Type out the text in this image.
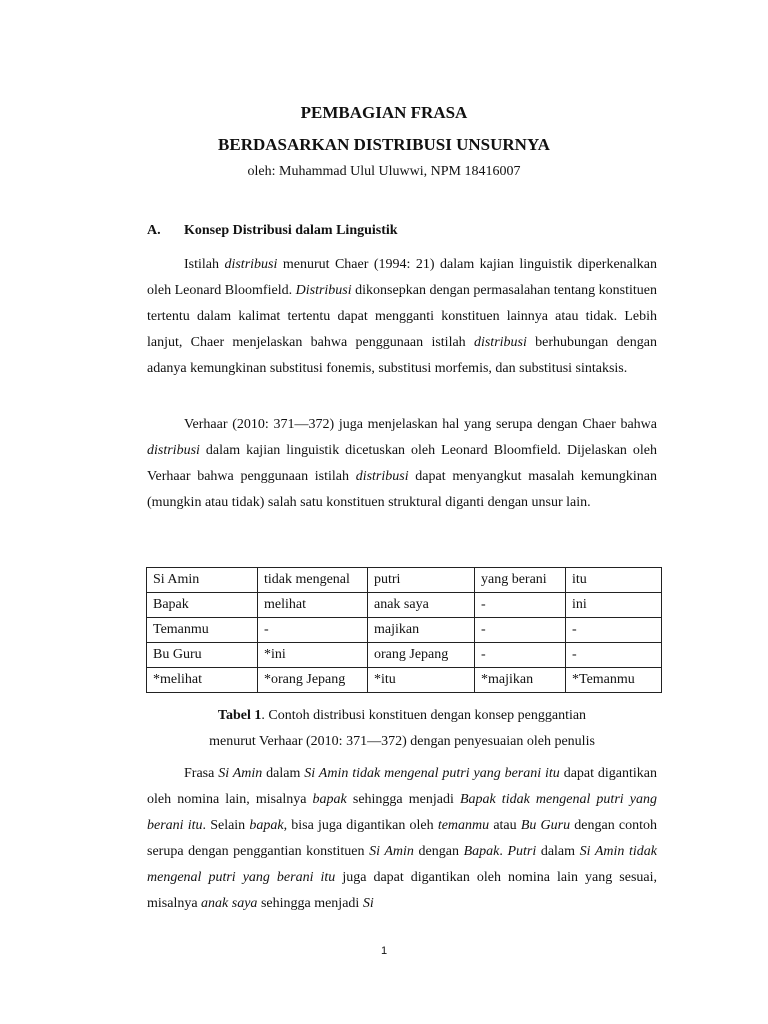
PEMBAGIAN FRASA
BERDASARKAN DISTRIBUSI UNSURNYA
oleh: Muhammad Ulul Uluwwi, NPM 18416007
A. Konsep Distribusi dalam Linguistik

Istilah distribusi menurut Chaer (1994: 21) dalam kajian linguistik diperkenalkan oleh Leonard Bloomfield. Distribusi dikonsepkan dengan permasalahan tentang konstituen tertentu dalam kalimat tertentu dapat mengganti konstituen lainnya atau tidak. Lebih lanjut, Chaer menjelaskan bahwa penggunaan istilah distribusi berhubungan dengan adanya kemungkinan substitusi fonemis, substitusi morfemis, dan substitusi sintaksis.

Verhaar (2010: 371—372) juga menjelaskan hal yang serupa dengan Chaer bahwa distribusi dalam kajian linguistik dicetuskan oleh Leonard Bloomfield. Dijelaskan oleh Verhaar bahwa penggunaan istilah distribusi dapat menyangkut masalah kemungkinan (mungkin atau tidak) salah satu konstituen struktural diganti dengan unsur lain.

Si Amin	tidak mengenal	putri	yang berani	itu
Bapak	melihat	anak saya	-	ini
Temanmu	-	majikan	-	-
Bu Guru	*ini	orang Jepang	-	-
*melihat	*orang Jepang	*itu	*majikan	*Temanmu
Tabel 1. Contoh distribusi konstituen dengan konsep penggantian
menurut Verhaar (2010: 371—372) dengan penyesuaian oleh penulis

Frasa Si Amin dalam Si Amin tidak mengenal putri yang berani itu dapat digantikan oleh nomina lain, misalnya bapak sehingga menjadi Bapak tidak mengenal putri yang berani itu. Selain bapak, bisa juga digantikan oleh temanmu atau Bu Guru dengan contoh serupa dengan penggantian konstituen Si Amin dengan Bapak. Putri dalam Si Amin tidak mengenal putri yang berani itu juga dapat digantikan oleh nomina lain yang sesuai, misalnya anak saya sehingga menjadi Si

1
